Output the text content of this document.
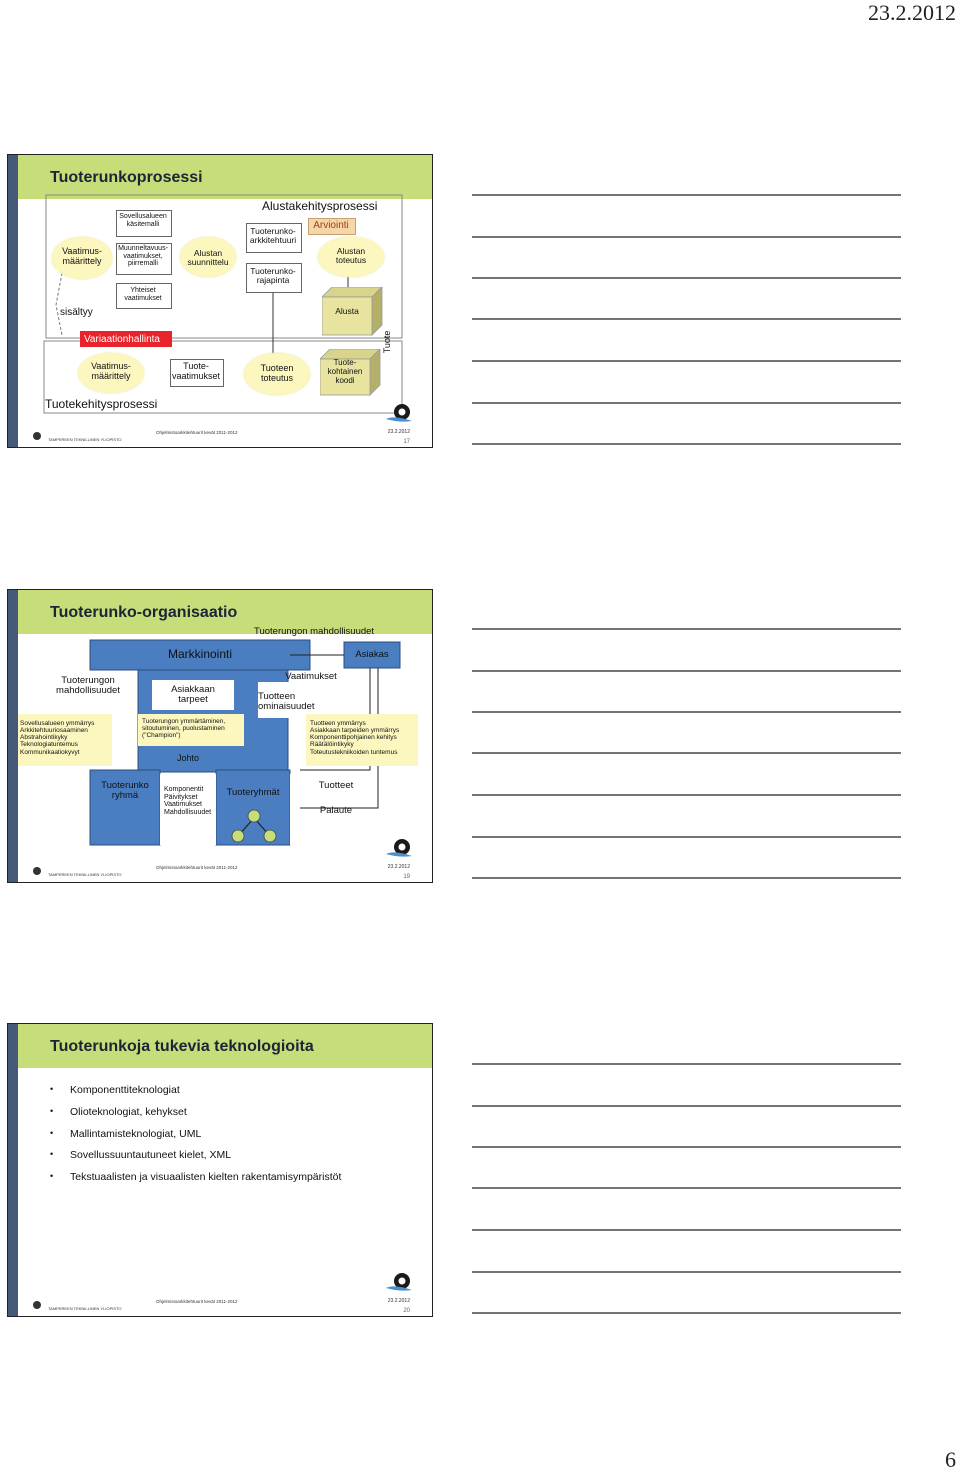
23.2.2012
Tuoterunkoprosessi
Alustakehitysprosessi
Arviointi
Vaatimus-
määrittely
sisältyy
Sovellusalueen
käsitemalli
Muunneltavuus-
vaatimukset,
piirremalli
Yhteiset
vaatimukset
Alustan
suunnittelu
Tuoterunko-
arkkitehtuuri
Tuoterunko-
rajapinta
Alustan
toteutus
Alusta
Variaationhallinta
Vaatimus-
määrittely
Tuote-
vaatimukset
Tuoteen
toteutus
Tuote-
kohtainen
koodi
Tuote
Tuotekehitysprosessi
TAMPEREEN TEKNILLINEN YLIOPISTO
Ohjelmistoarkkitehtuurit kevät 2011-2012	23.2.2012
17
Tuoterunko-organisaatio
Tuoterungon mahdollisuudet
Markkinointi	Asiakas
Tuoterungon
mahdollisuudet	Asiakkaan
tarpeet
Vaatimukset
Tuotteen
ominaisuudet
Sovellusalueen ymmärrys
Arkkitehtuuriosaaminen
Abstrahointikyky
Teknologiatuntemus
Kommunikaatiokyvyt
Tuoterungon ymmärtäminen,
sitoutuminen, puolustaminen
("Champion")
Johto
Tuotteen ymmärrys
Asiakkaan tarpeiden ymmärrys
Komponenttipohjainen kehitys
Räätälöintikyky
Toteutustekniikoiden tuntemus
Tuoterunko
ryhmä
Komponentit
Päivitykset
Vaatimukset
Mahdollisuudet
Tuoteryhmät
Tuotteet
Palaute
TAMPEREEN TEKNILLINEN YLIOPISTO
Ohjelmistoarkkitehtuurit kevät 2011-2012	23.2.2012
19
Tuoterunkoja tukevia teknologioita
• Komponenttiteknologiat
• Olioteknologiat, kehykset
• Mallintamisteknologiat, UML
• Sovellussuuntautuneet kielet, XML
• Tekstuaalisten ja visuaalisten kielten rakentamisympäristöt
TAMPEREEN TEKNILLINEN YLIOPISTO
Ohjelmistoarkkitehtuurit kevät 2011-2012	23.2.2012
20
6
